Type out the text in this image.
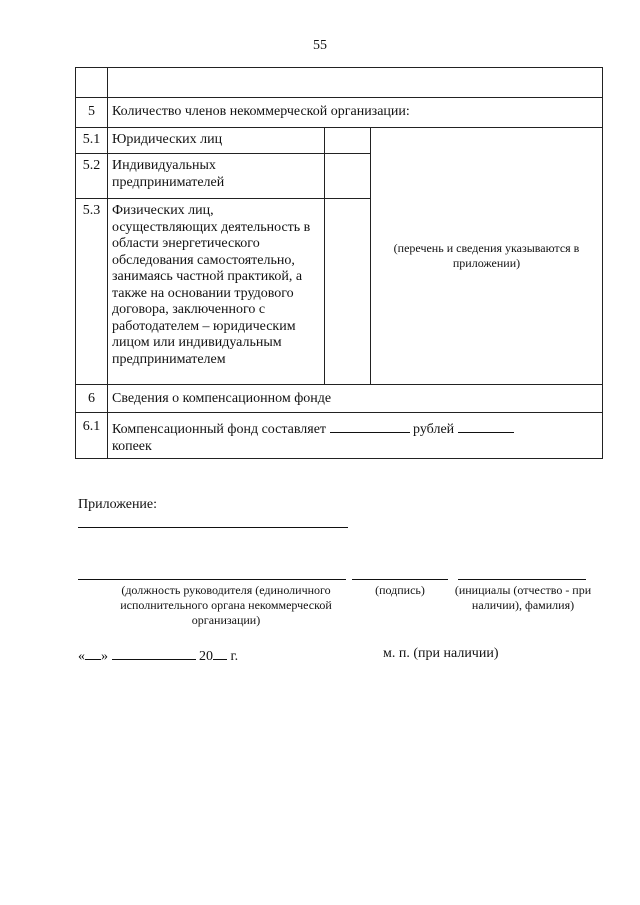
55

5	Количество членов некоммерческой организации:		
5.1	Юридических лиц		(перечень и сведения указываются в приложении)
5.2	Индивидуальных предпринимателей		
5.3	Физических лиц, осуществляющих деятельность в области энергетического обследования самостоятельно, занимаясь частной практикой, а также на основании трудового договора, заключенного с работодателем – юридическим лицом или индивидуальным предпринимателем		
6	Сведения о компенсационном фонде		
6.1	Компенсационный фонд составляет рублей
копеек		
Приложение:
(должность руководителя (единоличного исполнительного органа некоммерческой организации)
(подпись)	(инициалы (отчество - при наличии), фамилия)
« »	20 г.	м. п. (при наличии)
